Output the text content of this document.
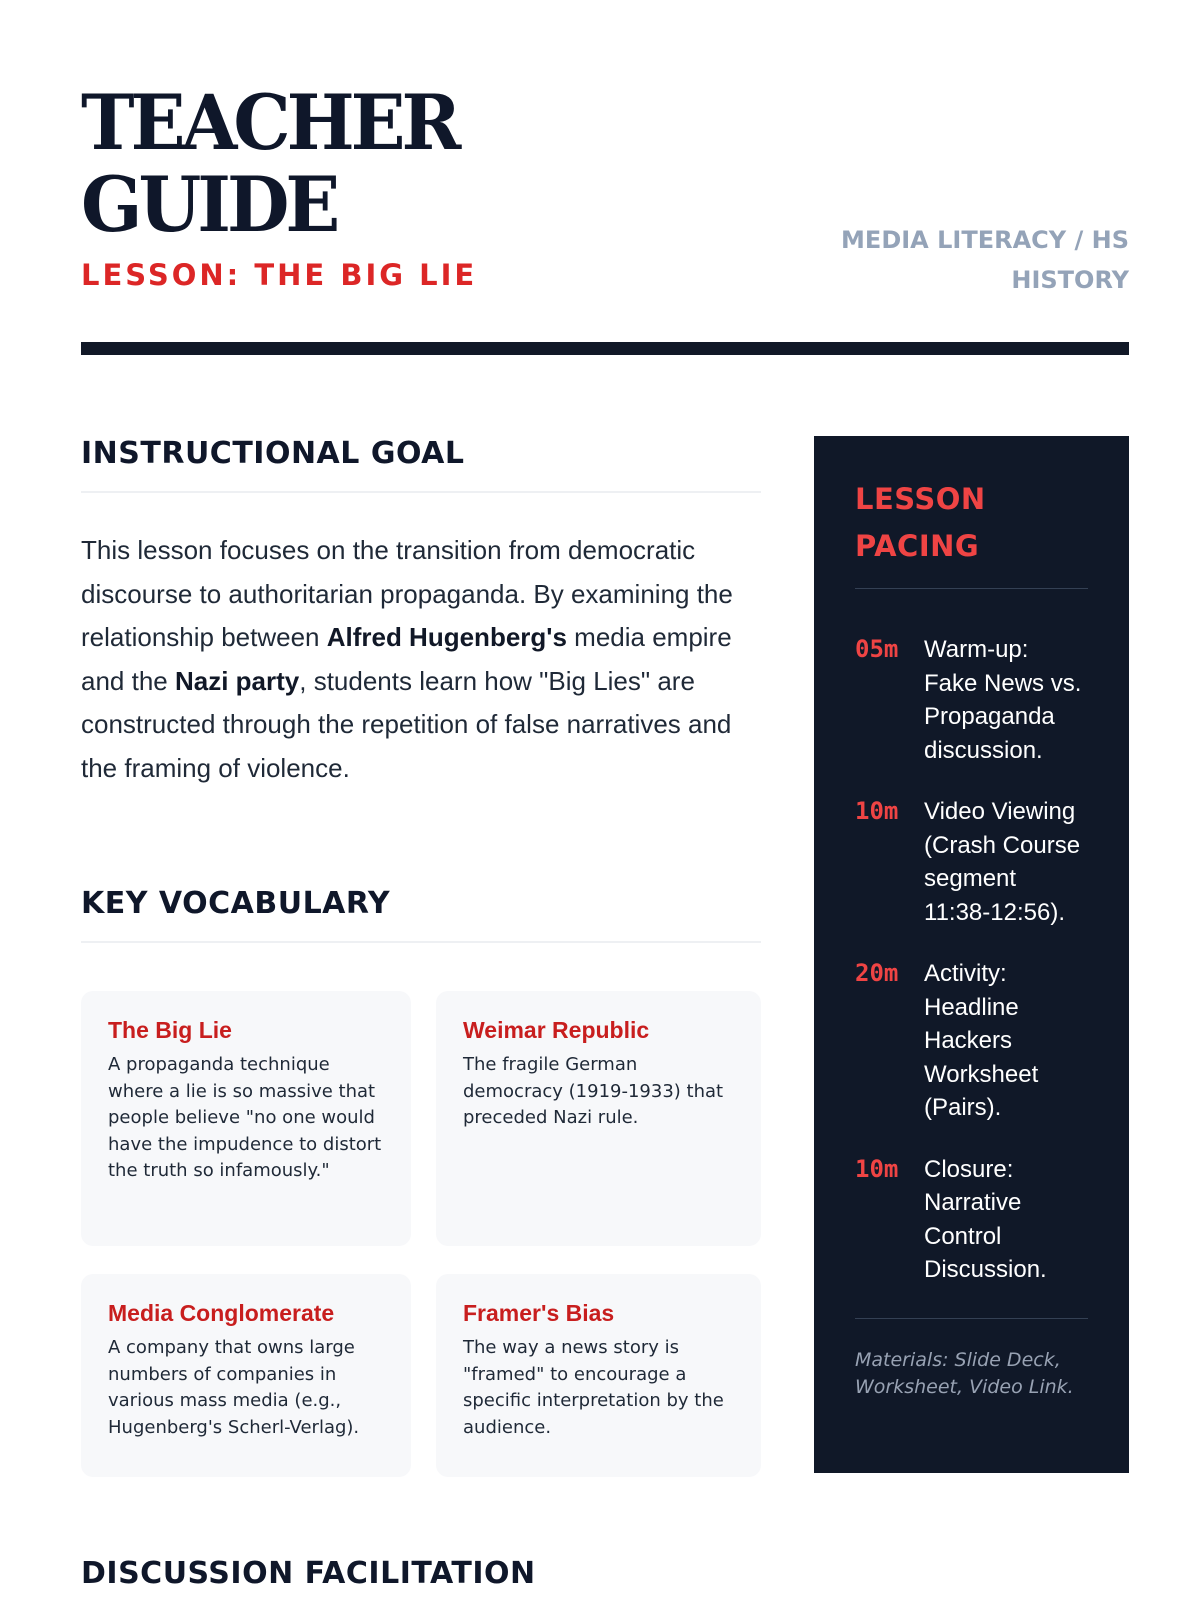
TEACHER
GUIDE

LESSON: THE BIG LIE

MEDIA LITERACY / HS
HISTORY
INSTRUCTIONAL GOAL

This lesson focuses on the transition from democratic discourse to authoritarian propaganda. By examining the relationship between Alfred Hugenberg's media empire and the Nazi party, students learn how "Big Lies" are constructed through the repetition of false narratives and the framing of violence.

KEY VOCABULARY
The Big Lie

A propaganda technique where a lie is so massive that people believe "no one would have the impudence to distort the truth so infamously."

Weimar Republic

The fragile German democracy (1919-1933) that preceded Nazi rule.

Media Conglomerate

A company that owns large numbers of companies in various mass media (e.g., Hugenberg's Scherl-Verlag).

Framer's Bias

The way a news story is "framed" to encourage a specific interpretation by the audience.

LESSON
PACING
05m	Warm-up: Fake News vs. Propaganda discussion.
10m	Video Viewing (Crash Course segment 11:38-12:56).
20m	Activity: Headline Hackers Worksheet (Pairs).
10m	Closure: Narrative Control Discussion.
Materials: Slide Deck, Worksheet, Video Link.
DISCUSSION FACILITATION
